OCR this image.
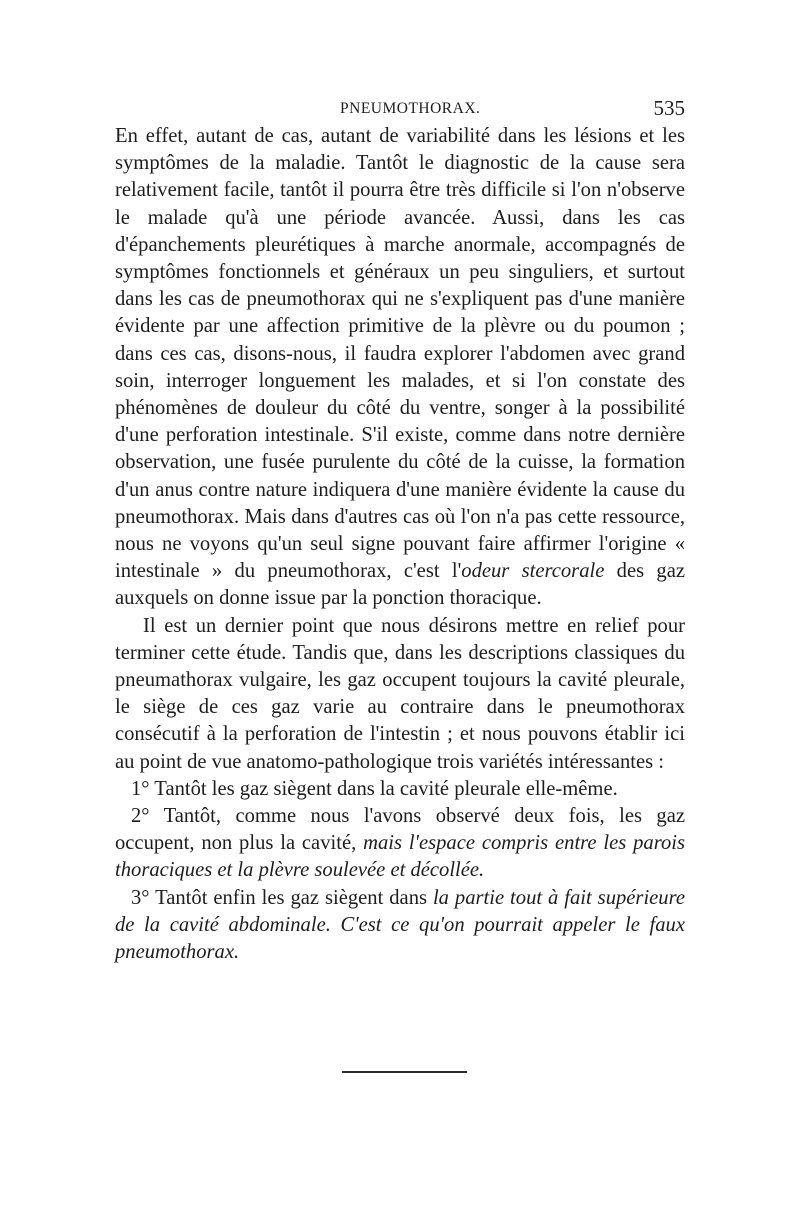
PNEUMOTHORAX.	535

En effet, autant de cas, autant de variabilité dans les lésions et les symptômes de la maladie. Tantôt le diagnostic de la cause sera relativement facile, tantôt il pourra être très difficile si l'on n'observe le malade qu'à une période avancée. Aussi, dans les cas d'épanchements pleurétiques à marche anormale, accompagnés de symptômes fonctionnels et généraux un peu singuliers, et surtout dans les cas de pneumothorax qui ne s'expliquent pas d'une manière évidente par une affection primitive de la plèvre ou du poumon ; dans ces cas, disons-nous, il faudra explorer l'abdomen avec grand soin, interroger longuement les malades, et si l'on constate des phénomènes de douleur du côté du ventre, songer à la possibilité d'une perforation intestinale. S'il existe, comme dans notre dernière observation, une fusée purulente du côté de la cuisse, la formation d'un anus contre nature indiquera d'une manière évidente la cause du pneumothorax. Mais dans d'autres cas où l'on n'a pas cette ressource, nous ne voyons qu'un seul signe pouvant faire affirmer l'origine « intestinale » du pneumothorax, c'est l'odeur stercorale des gaz auxquels on donne issue par la ponction thoracique.

Il est un dernier point que nous désirons mettre en relief pour terminer cette étude. Tandis que, dans les descriptions classiques du pneumathorax vulgaire, les gaz occupent toujours la cavité pleurale, le siège de ces gaz varie au contraire dans le pneumothorax consécutif à la perforation de l'intestin ; et nous pouvons établir ici au point de vue anatomo-pathologique trois variétés intéressantes :

1° Tantôt les gaz siègent dans la cavité pleurale elle-même.

2° Tantôt, comme nous l'avons observé deux fois, les gaz occupent, non plus la cavité, mais l'espace compris entre les parois thoraciques et la plèvre soulevée et décollée.

3° Tantôt enfin les gaz siègent dans la partie tout à fait supérieure de la cavité abdominale. C'est ce qu'on pourrait appeler le faux pneumothorax.
